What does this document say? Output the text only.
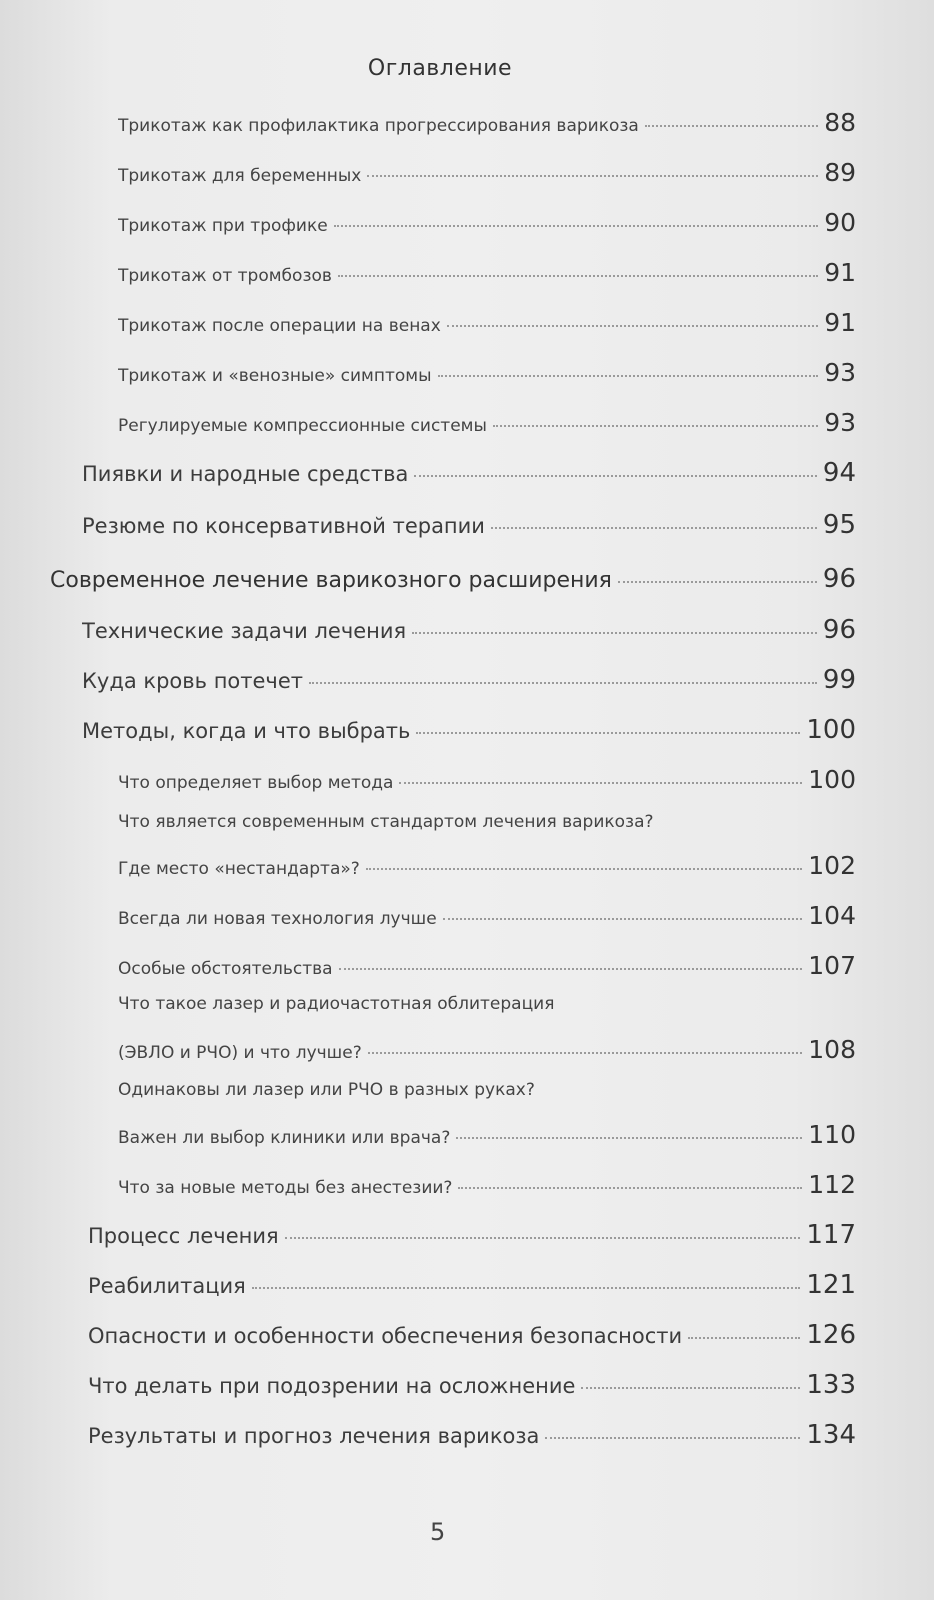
Оглавление
Трикотаж как профилактика прогрессирования варикоза	88
Трикотаж для беременных	89
Трикотаж при трофике	90
Трикотаж от тромбозов	91
Трикотаж после операции на венах	91
Трикотаж и «венозные» симптомы	93
Регулируемые компрессионные системы	93
Пиявки и народные средства	94
Резюме по консервативной терапии	95
Современное лечение варикозного расширения	96
Технические задачи лечения	96
Куда кровь потечет	99
Методы, когда и что выбрать	100
Что определяет выбор метода	100
Что является современным стандартом лечения варикоза?
Где место «нестандарта»?	102
Всегда ли новая технология лучше	104
Особые обстоятельства	107
Что такое лазер и радиочастотная облитерация
(ЭВЛО и РЧО) и что лучше?	108
Одинаковы ли лазер или РЧО в разных руках?
Важен ли выбор клиники или врача?	110
Что за новые методы без анестезии?	112
Процесс лечения	117
Реабилитация	121
Опасности и особенности обеспечения безопасности	126
Что делать при подозрении на осложнение	133
Результаты и прогноз лечения варикоза	134
5
